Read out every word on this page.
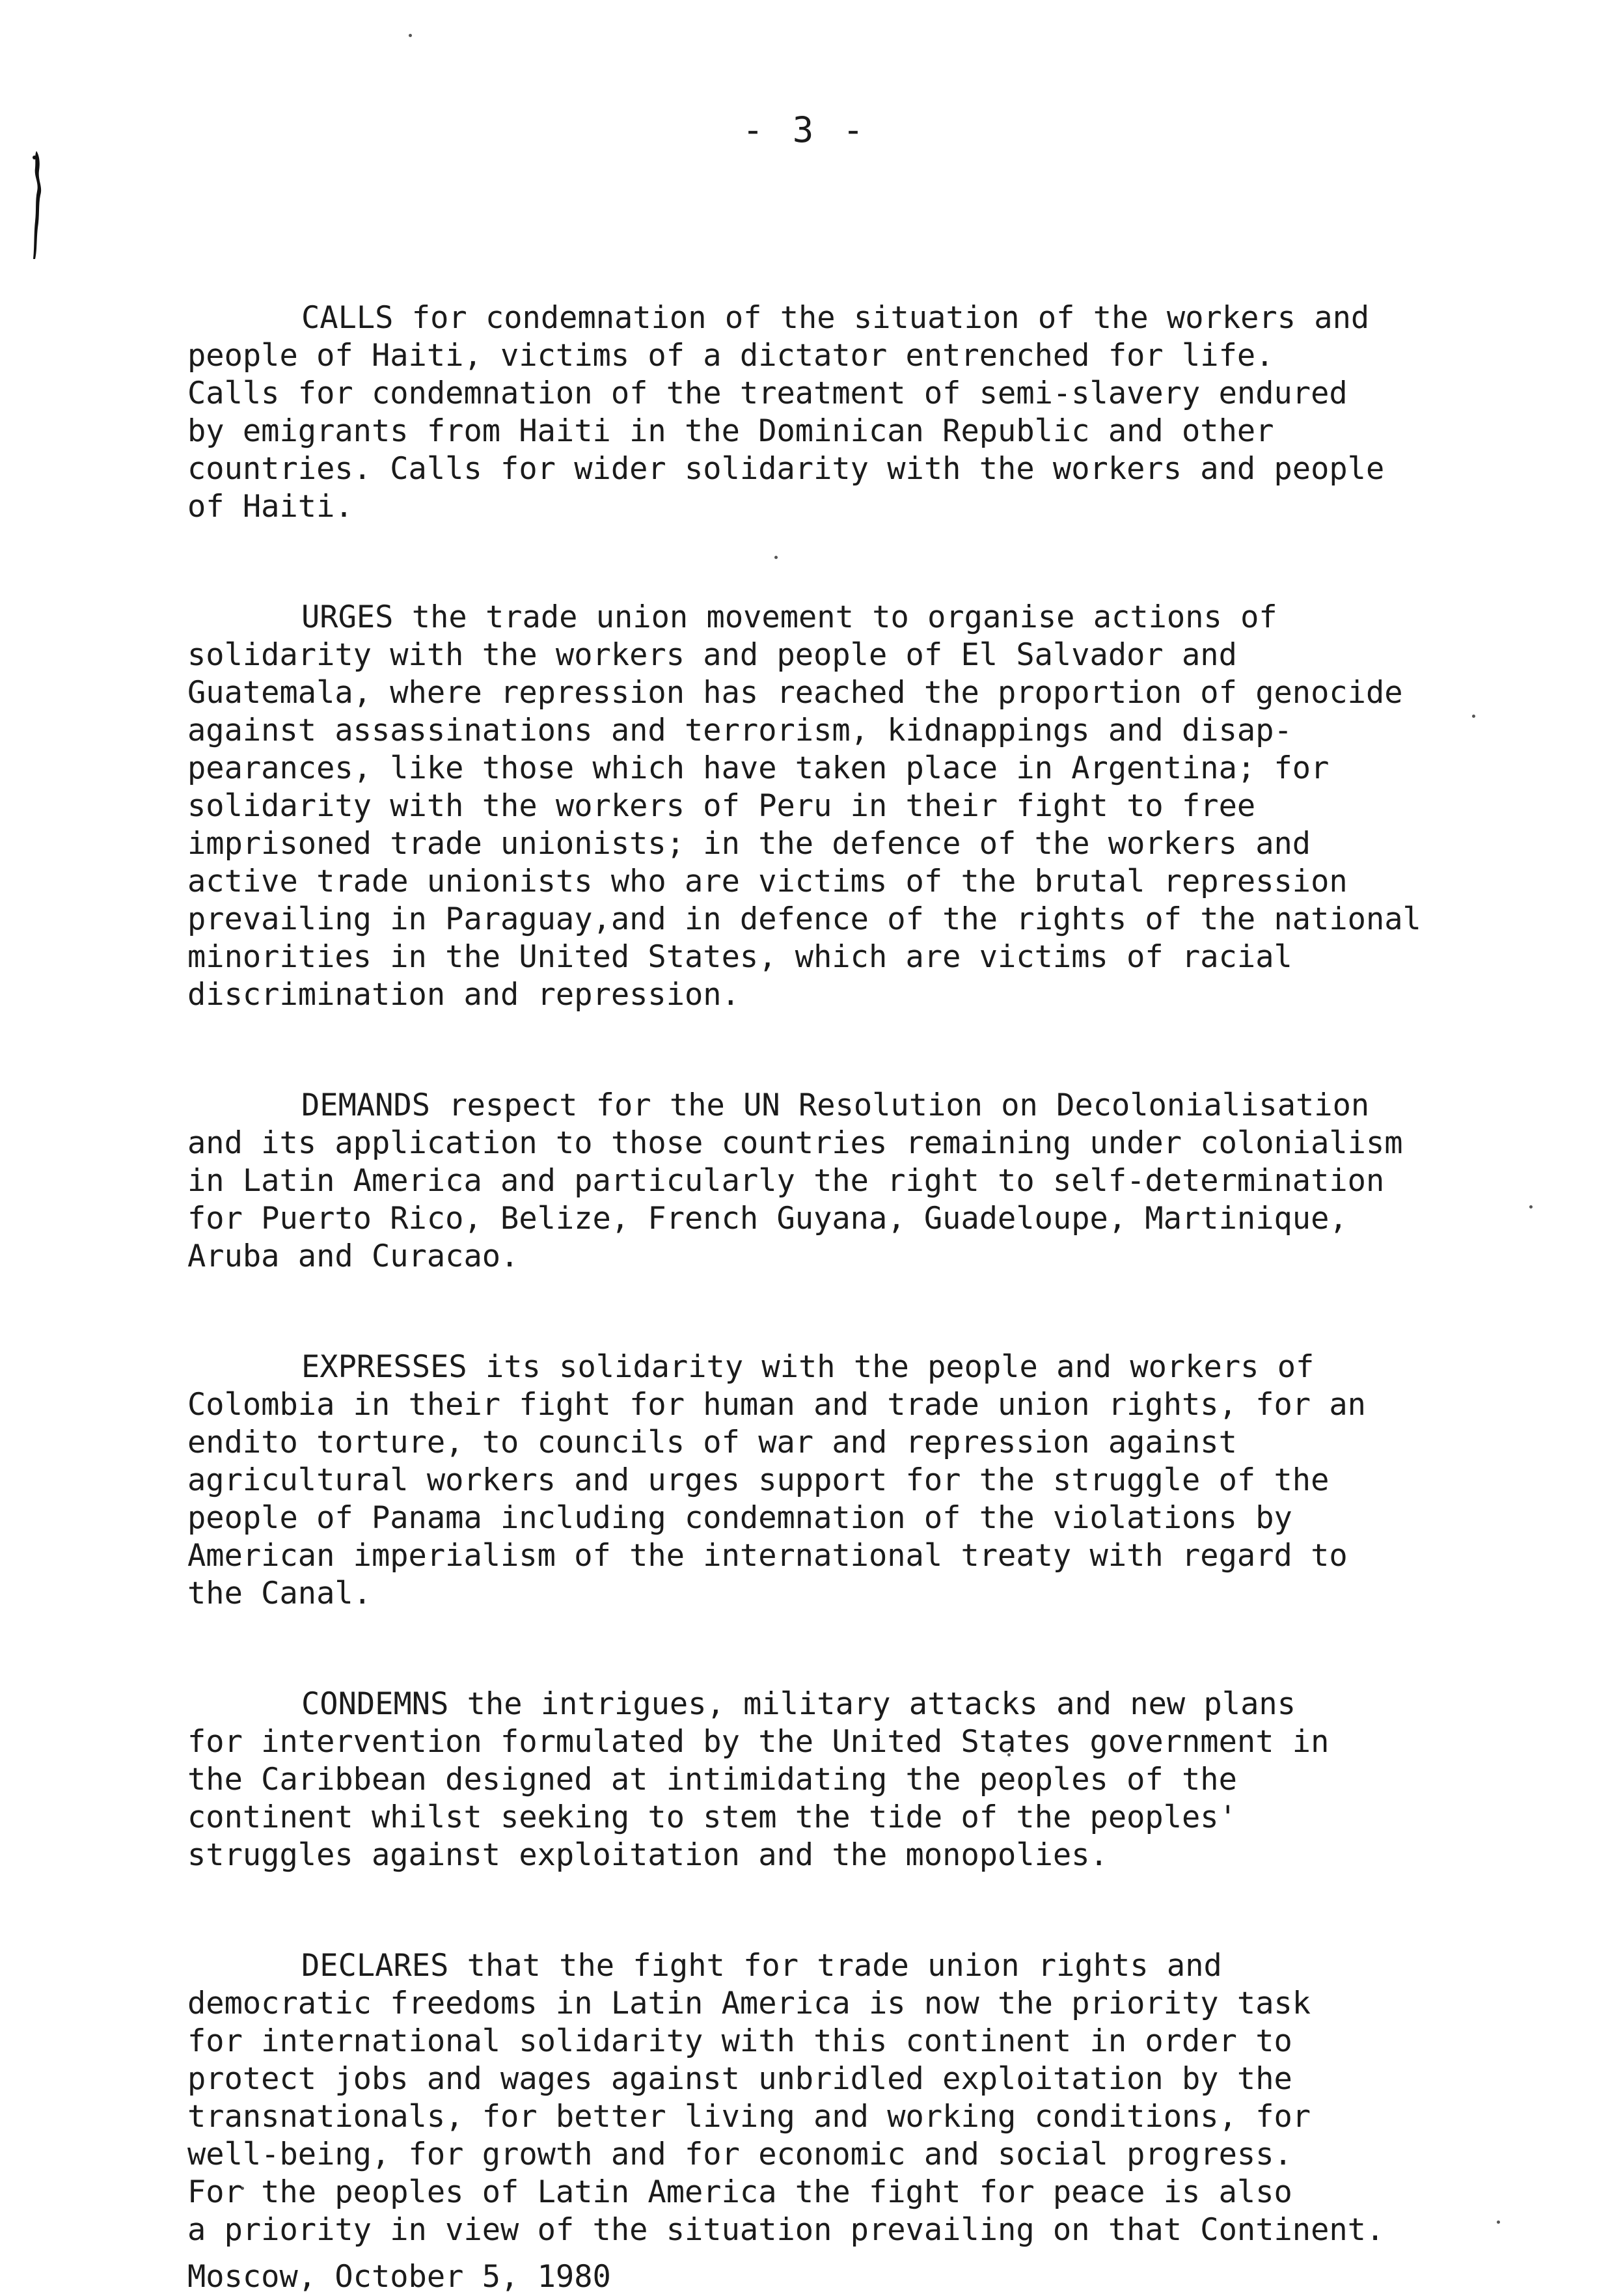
- 3 -
CALLS for condemnation of the situation of the workers and
people of Haiti, victims of a dictator entrenched for life.
Calls for condemnation of the treatment of semi-slavery endured
by emigrants from Haiti in the Dominican Republic and other
countries. Calls for wider solidarity with the workers and people
of Haiti.
URGES the trade union movement to organise actions of
solidarity with the workers and people of El Salvador and
Guatemala, where repression has reached the proportion of genocide
against assassinations and terrorism, kidnappings and disap-
pearances, like those which have taken place in Argentina; for
solidarity with the workers of Peru in their fight to free
imprisoned trade unionists; in the defence of the workers and
active trade unionists who are victims of the brutal repression
prevailing in Paraguay,and in defence of the rights of the national
minorities in the United States, which are victims of racial
discrimination and repression.
DEMANDS respect for the UN Resolution on Decolonialisation
and its application to those countries remaining under colonialism
in Latin America and particularly the right to self-determination
for Puerto Rico, Belize, French Guyana, Guadeloupe, Martinique,
Aruba and Curacao.
EXPRESSES its solidarity with the people and workers of
Colombia in their fight for human and trade union rights, for an
endito torture, to councils of war and repression against
agricultural workers and urges support for the struggle of the
people of Panama including condemnation of the violations by
American imperialism of the international treaty with regard to
the Canal.
CONDEMNS the intrigues, military attacks and new plans
for intervention formulated by the United States government in
the Caribbean designed at intimidating the peoples of the
continent whilst seeking to stem the tide of the peoples'
struggles against exploitation and the monopolies.
DECLARES that the fight for trade union rights and
democratic freedoms in Latin America is now the priority task
for international solidarity with this continent in order to
protect jobs and wages against unbridled exploitation by the
transnationals, for better living and working conditions, for
well-being, for growth and for economic and social progress.
For the peoples of Latin America the fight for peace is also
a priority in view of the situation prevailing on that Continent.
Moscow, October 5, 1980
